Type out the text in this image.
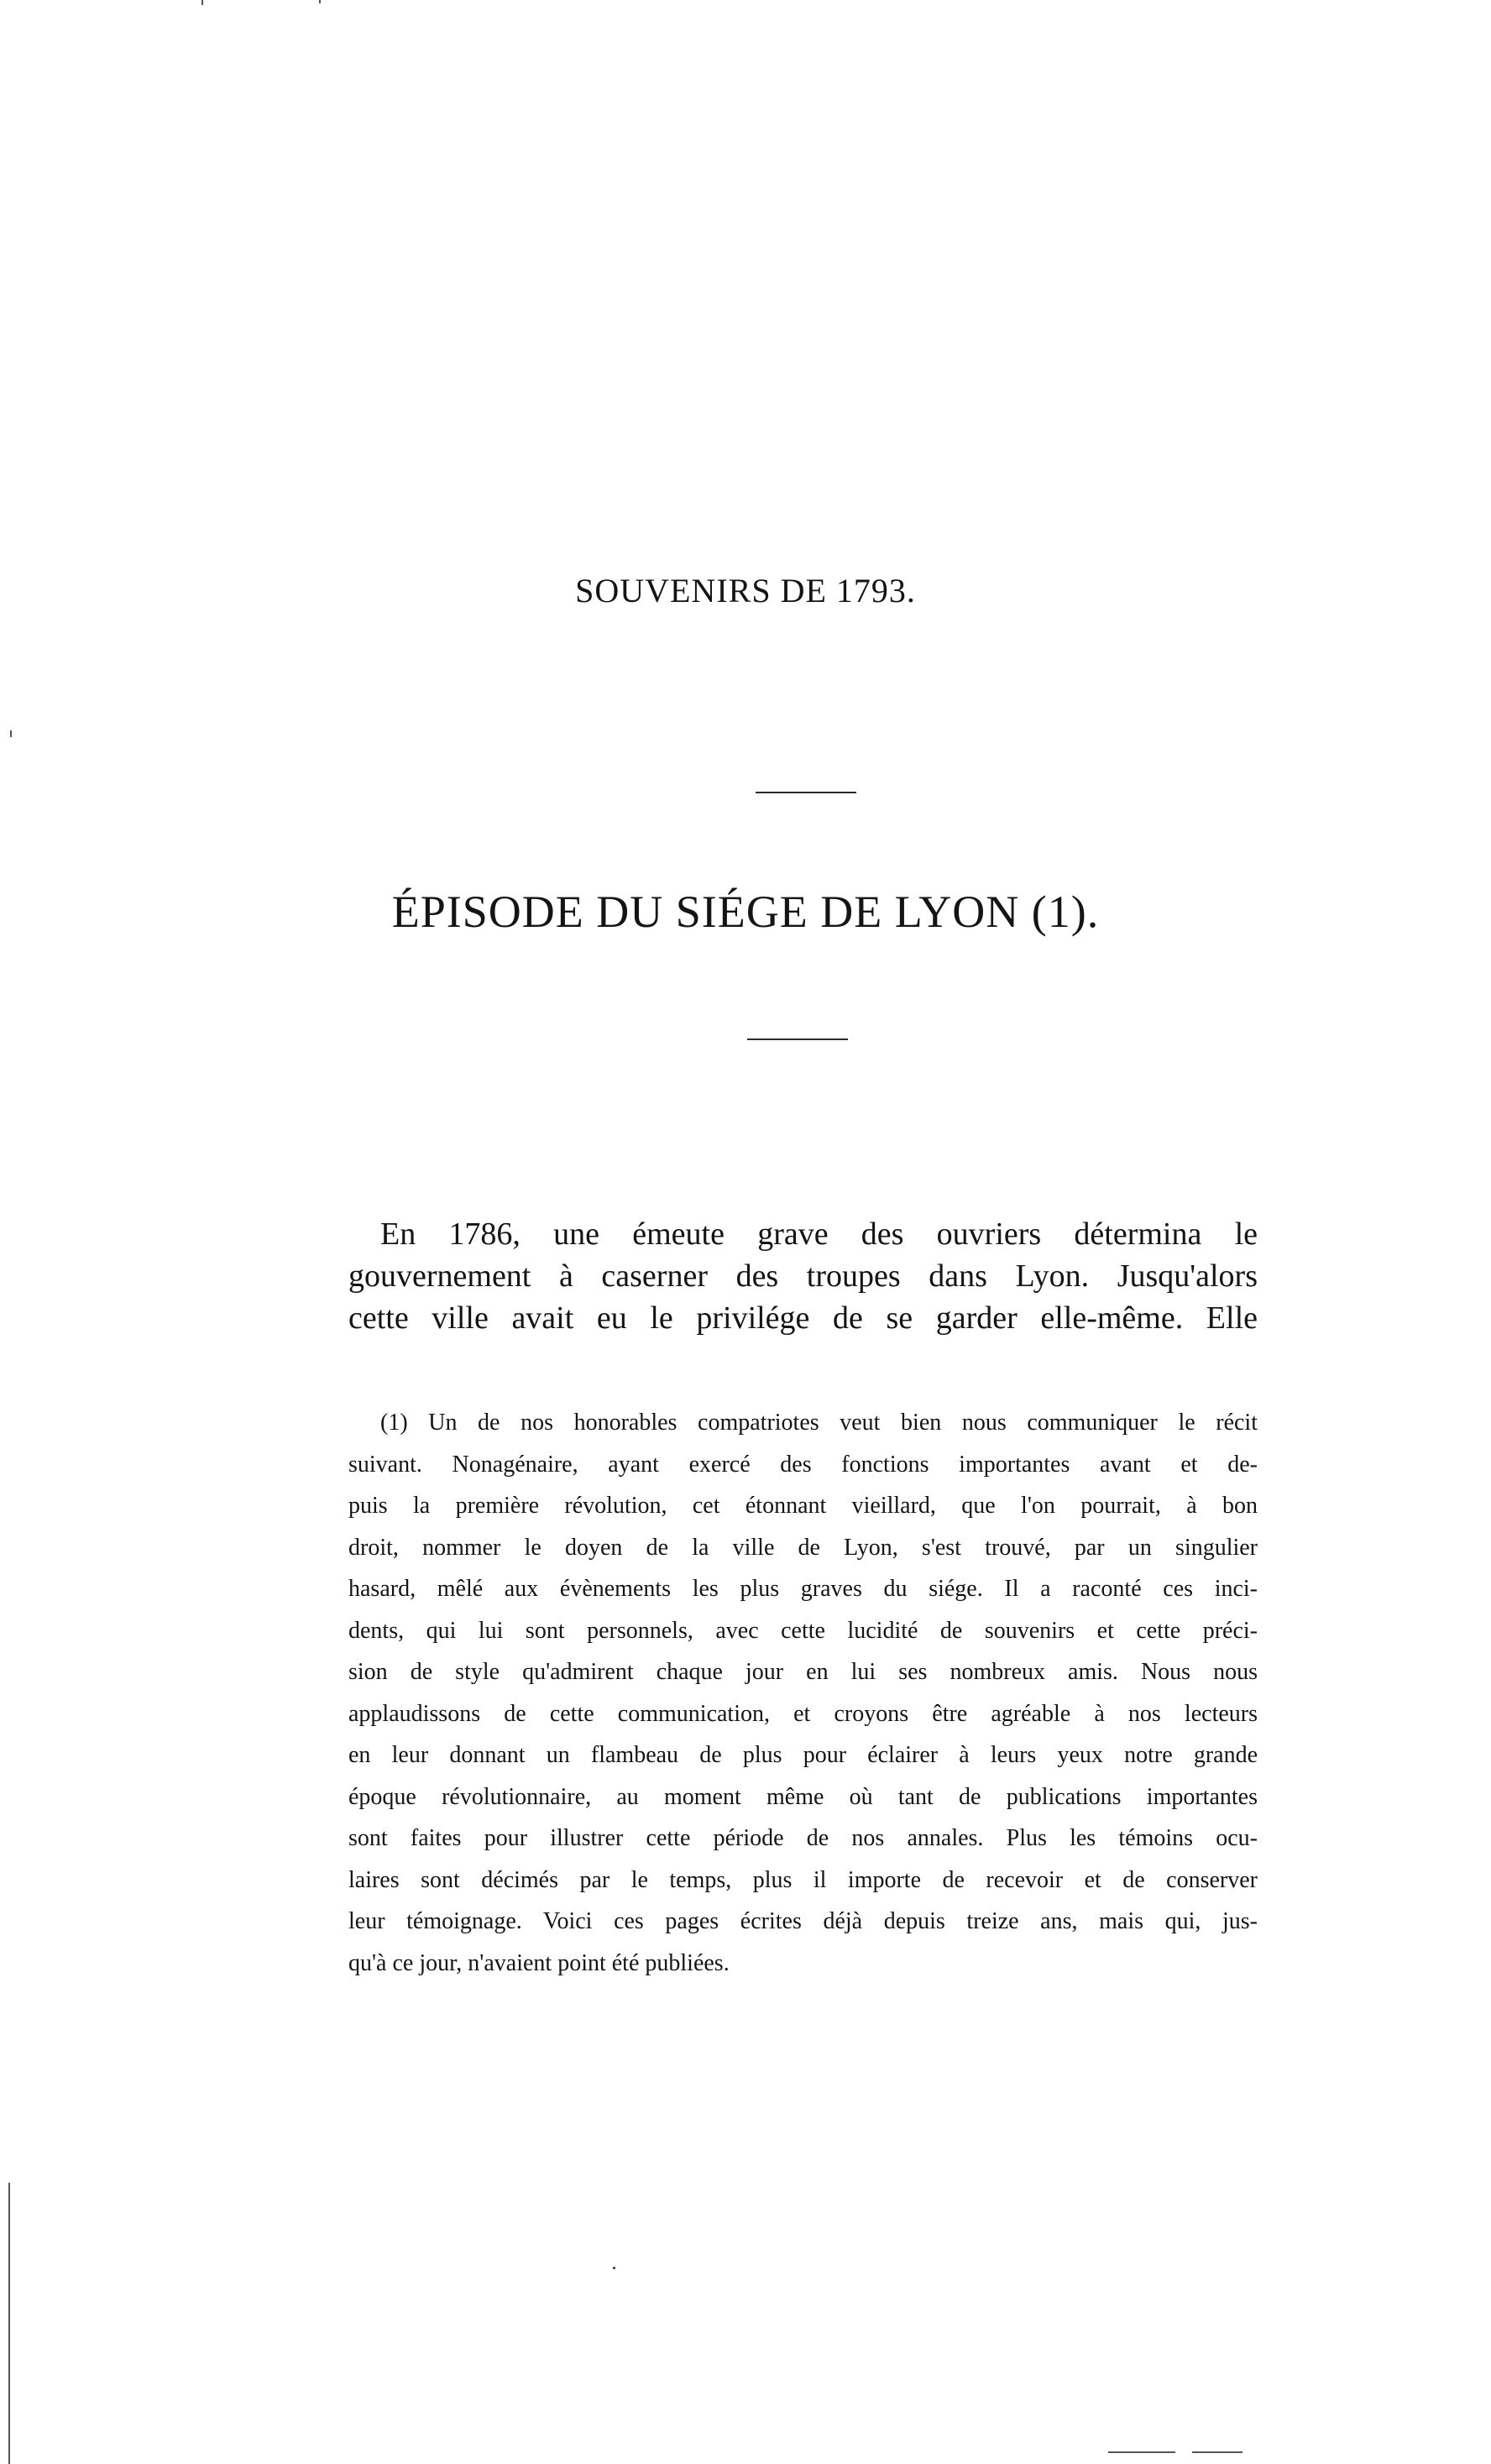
SOUVENIRS DE 1793.
ÉPISODE DU SIÉGE DE LYON (1).
En 1786, une émeute grave des ouvriers détermina le
gouvernement à caserner des troupes dans Lyon. Jusqu'alors
cette ville avait eu le privilége de se garder elle-même. Elle
(1) Un de nos honorables compatriotes veut bien nous communiquer le récit
suivant. Nonagénaire, ayant exercé des fonctions importantes avant et de-
puis la première révolution, cet étonnant vieillard, que l'on pourrait, à bon
droit, nommer le doyen de la ville de Lyon, s'est trouvé, par un singulier
hasard, mêlé aux évènements les plus graves du siége. Il a raconté ces inci-
dents, qui lui sont personnels, avec cette lucidité de souvenirs et cette préci-
sion de style qu'admirent chaque jour en lui ses nombreux amis. Nous nous
applaudissons de cette communication, et croyons être agréable à nos lecteurs
en leur donnant un flambeau de plus pour éclairer à leurs yeux notre grande
époque révolutionnaire, au moment même où tant de publications importantes
sont faites pour illustrer cette période de nos annales. Plus les témoins ocu-
laires sont décimés par le temps, plus il importe de recevoir et de conserver
leur témoignage. Voici ces pages écrites déjà depuis treize ans, mais qui, jus-
qu'à ce jour, n'avaient point été publiées.
